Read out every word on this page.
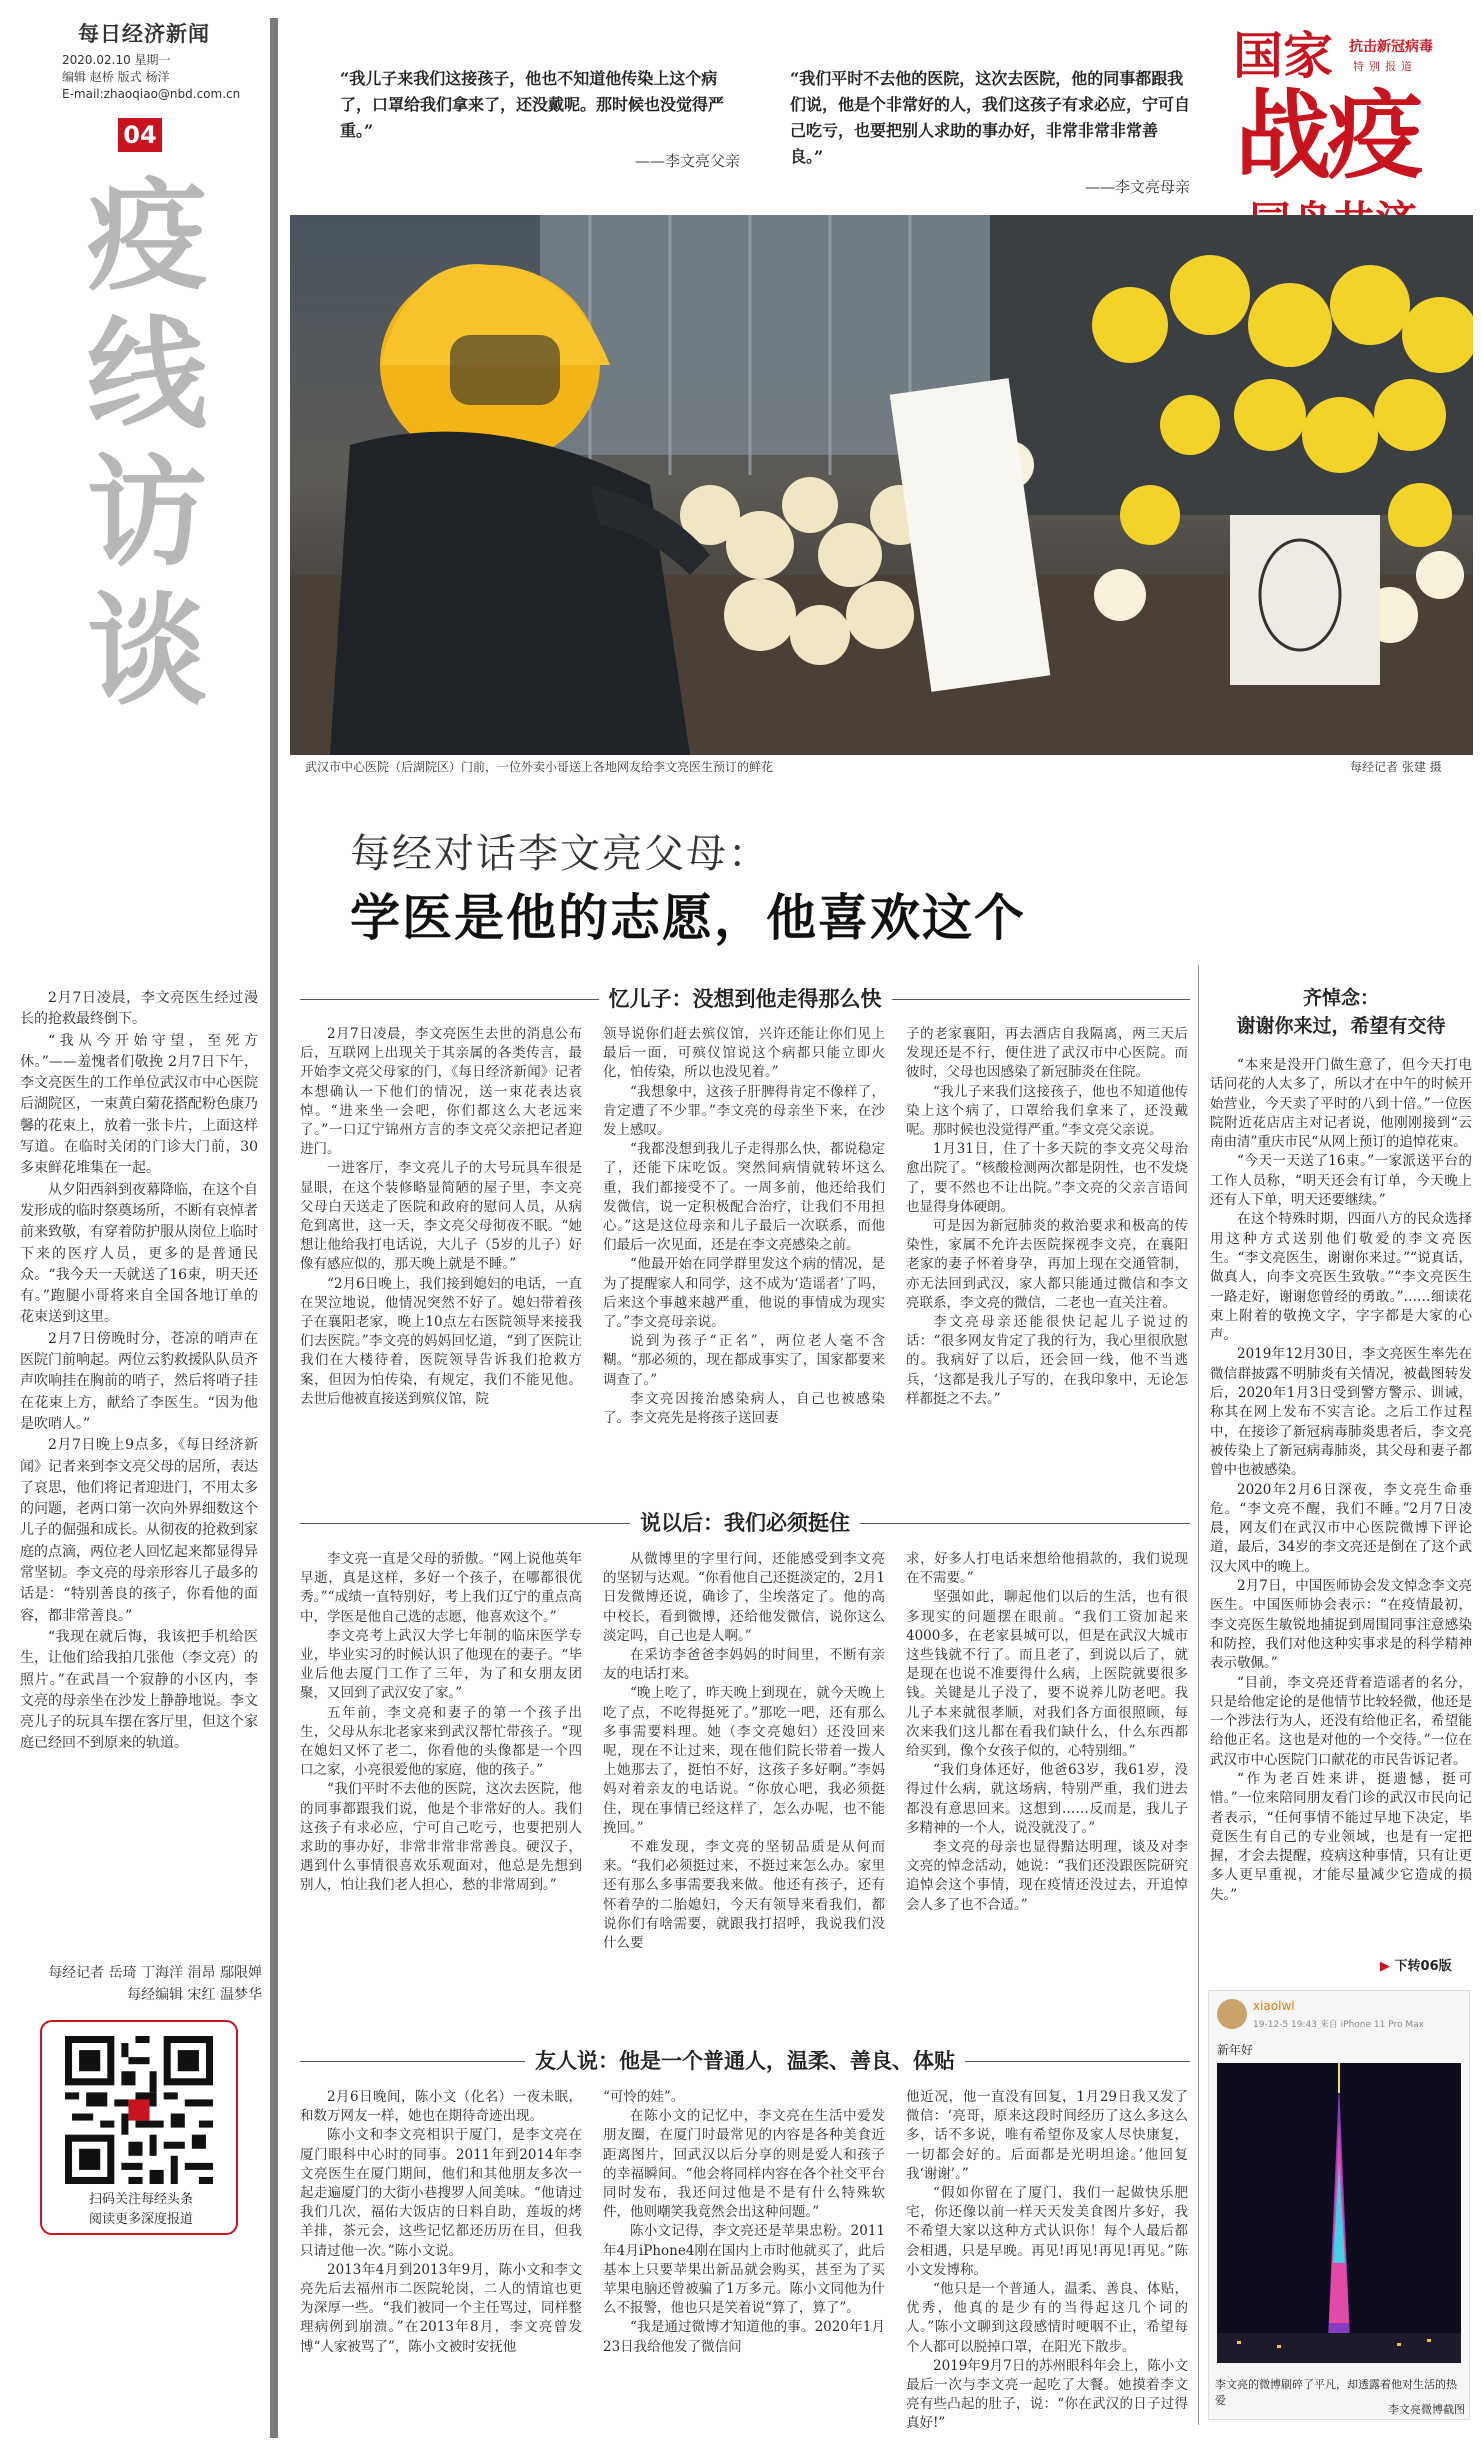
每日经济新闻
2020.02.10 星期一
编辑 赵桥 版式 杨洋
E-mail:zhaoqiao@nbd.com.cn
04
疫线访谈

2月7日凌晨，李文亮医生经过漫长的抢救最终倒下。

“我从今开始守望，至死方休。”——羞愧者们敬挽 2月7日下午，李文亮医生的工作单位武汉市中心医院后湖院区，一束黄白菊花搭配粉色康乃馨的花束上，放着一张卡片，上面这样写道。在临时关闭的门诊大门前，30多束鲜花堆集在一起。

从夕阳西斜到夜幕降临，在这个自发形成的临时祭奠场所，不断有哀悼者前来致敬，有穿着防护服从岗位上临时下来的医疗人员，更多的是普通民众。“我今天一天就送了16束，明天还有。”跑腿小哥将来自全国各地订单的花束送到这里。

2月7日傍晚时分，苍凉的哨声在医院门前响起。两位云豹救援队队员齐声吹响挂在胸前的哨子，然后将哨子挂在花束上方，献给了李医生。“因为他是吹哨人。”

2月7日晚上9点多，《每日经济新闻》记者来到李文亮父母的居所，表达了哀思，他们将记者迎进门，不用太多的问题，老两口第一次向外界细数这个儿子的倔强和成长。从彻夜的抢救到家庭的点滴，两位老人回忆起来都显得异常坚韧。李文亮的母亲形容儿子最多的话是：“特别善良的孩子，你看他的面容，都非常善良。”

“我现在就后悔，我该把手机给医生，让他们给我拍几张他（李文亮）的照片。”在武昌一个寂静的小区内，李文亮的母亲坐在沙发上静静地说。李文亮儿子的玩具车摆在客厅里，但这个家庭已经回不到原来的轨道。

每经记者 岳琦 丁海洋 涓昂 鄢限婵
每经编辑 宋红 温梦华
扫码关注每经头条
阅读更多深度报道
“我儿子来我们这接孩子，他也不知道他传染上这个病了，口罩给我们拿来了，还没戴呢。那时候也没觉得严重。”
——李文亮父亲
“我们平时不去他的医院，这次去医院，他的同事都跟我们说，他是个非常好的人，我们这孩子有求必应，宁可自己吃亏，也要把别人求助的事办好，非常非常非常善良。”
——李文亮母亲
国家 抗击新冠病毒
特别报道
战疫
武汉市中心医院（后湖院区）门前，一位外卖小哥送上各地网友给李文亮医生预订的鲜花	每经记者 张建 摄
每经对话李文亮父母：
学医是他的志愿，他喜欢这个
忆儿子：没想到他走得那么快

2月7日凌晨，李文亮医生去世的消息公布后，互联网上出现关于其亲属的各类传言，最开始李文亮父母家的门，《每日经济新闻》记者本想确认一下他们的情况，送一束花表达哀悼。“进来坐一会吧，你们都这么大老远来了。”一口辽宁锦州方言的李文亮父亲把记者迎进门。

一进客厅，李文亮儿子的大号玩具车很是显眼，在这个装修略显简陋的屋子里，李文亮父母白天送走了医院和政府的慰问人员，从病危到离世，这一天，李文亮父母彻夜不眠。“她想让他给我打电话说，大儿子（5岁的儿子）好像有感应似的，那天晚上就是不睡。”

“2月6日晚上，我们接到媳妇的电话，一直在哭泣地说，他情况突然不好了。媳妇带着孩子在襄阳老家，晚上10点左右医院领导来接我们去医院。”李文亮的妈妈回忆道，“到了医院让我们在大楼待着，医院领导告诉我们抢救方案，但因为怕传染，有规定，我们不能见他。去世后他被直接送到殡仪馆，院

领导说你们赶去殡仪馆，兴许还能让你们见上最后一面，可殡仪馆说这个病都只能立即火化，怕传染，所以也没见着。”

“我想象中，这孩子肝脾得肯定不像样了，肯定遭了不少罪。”李文亮的母亲坐下来，在沙发上感叹。

“我都没想到我儿子走得那么快，都说稳定了，还能下床吃饭。突然间病情就转坏这么重，我们都接受不了。一周多前，他还给我们发微信，说一定积极配合治疗，让我们不用担心。”这是这位母亲和儿子最后一次联系，而他们最后一次见面，还是在李文亮感染之前。

“他最开始在同学群里发这个病的情况，是为了提醒家人和同学，这不成为‘造谣者’了吗，后来这个事越来越严重，他说的事情成为现实了。”李文亮母亲说。

说到为孩子“正名”，两位老人毫不含糊。“那必须的，现在都成事实了，国家都要来调查了。”

李文亮因接治感染病人，自己也被感染了。李文亮先是将孩子送回妻

子的老家襄阳，再去酒店自我隔离，两三天后发现还是不行，便住进了武汉市中心医院。而彼时，父母也因感染了新冠肺炎在住院。

“我儿子来我们这接孩子，他也不知道他传染上这个病了，口罩给我们拿来了，还没戴呢。那时候也没觉得严重。”李文亮父亲说。

1月31日，住了十多天院的李文亮父母治愈出院了。“核酸检测两次都是阴性，也不发烧了，要不然也不让出院。”李文亮的父亲言语间也显得身体硬朗。

可是因为新冠肺炎的救治要求和极高的传染性，家属不允许去医院探视李文亮，在襄阳老家的妻子怀着身孕，再加上现在交通管制，亦无法回到武汉，家人都只能通过微信和李文亮联系，李文亮的微信，二老也一直关注着。

李文亮母亲还能很快记起儿子说过的话：“很多网友肯定了我的行为，我心里很欣慰的。我病好了以后，还会回一线，他不当逃兵，‘这都是我儿子写的，在我印象中，无论怎样都挺之不去。”

说以后：我们必须挺住

李文亮一直是父母的骄傲。“网上说他英年早逝，真是这样，多好一个孩子，在哪都很优秀。”“成绩一直特别好，考上我们辽宁的重点高中，学医是他自己选的志愿，他喜欢这个。”

李文亮考上武汉大学七年制的临床医学专业，毕业实习的时候认识了他现在的妻子。“毕业后他去厦门工作了三年，为了和女朋友团聚，又回到了武汉安了家。”

五年前，李文亮和妻子的第一个孩子出生，父母从东北老家来到武汉帮忙带孩子。“现在媳妇又怀了老二，你看他的头像都是一个四口之家，小亮很爱他的家庭，他的孩子。”

“我们平时不去他的医院，这次去医院，他的同事都跟我们说，他是个非常好的人。我们这孩子有求必应，宁可自己吃亏，也要把别人求助的事办好，非常非常非常善良。硬汉子，遇到什么事情很喜欢乐观面对，他总是先想到别人，怕让我们老人担心，愁的非常周到。”

从微博里的字里行间，还能感受到李文亮的坚韧与达观。“你看他自己还挺淡定的，2月1日发微博还说，确诊了，尘埃落定了。他的高中校长，看到微博，还给他发微信，说你这么淡定吗，自己也是人啊。”

在采访李爸爸李妈妈的时间里，不断有亲友的电话打来。

“晚上吃了，昨天晚上到现在，就今天晚上吃了点，不吃得挺死了。”那吃一吧，还有那么多事需要料理。她（李文亮媳妇）还没回来呢，现在不让过来，现在他们院长带着一拨人上她那去了，挺怕不好，这孩子多好啊。”李妈妈对着亲友的电话说。“你放心吧，我必须挺住，现在事情已经这样了，怎么办呢，也不能挽回。”

不难发现，李文亮的坚韧品质是从何而来。“我们必须挺过来，不挺过来怎么办。家里还有那么多事需要我来做。他还有孩子，还有怀着孕的二胎媳妇，今天有领导来看我们，都说你们有啥需要，就跟我打招呼，我说我们没什么要

求，好多人打电话来想给他捐款的，我们说现在不需要。”

坚强如此，聊起他们以后的生活，也有很多现实的问题摆在眼前。“我们工资加起来4000多，在老家县城可以，但是在武汉大城市这些钱就不行了。而且老了，到说以后了，就是现在也说不准要得什么病，上医院就要很多钱。关键是儿子没了，要不说养儿防老吧。我儿子本来就很孝顺，对我们各方面很照顾，每次来我们这儿都在看我们缺什么，什么东西都给买到，像个女孩子似的，心特别细。”

“我们身体还好，他爸63岁，我61岁，没得过什么病，就这场病，特别严重，我们进去都没有意思回来。这想到……反而是，我儿子多精神的一个人，说没就没了。”

李文亮的母亲也显得黯达明理，谈及对李文亮的悼念活动，她说：“我们还没跟医院研究追悼会这个事情，现在疫情还没过去，开追悼会人多了也不合适。”

友人说：他是一个普通人，温柔、善良、体贴

2月6日晚间，陈小文（化名）一夜未眠，和数万网友一样，她也在期待奇迹出现。

陈小文和李文亮相识于厦门，是李文亮在厦门眼科中心时的同事。2011年到2014年李文亮医生在厦门期间，他们和其他朋友多次一起走遍厦门的大街小巷搜罗人间美味。“他请过我们几次，福佑大饭店的日料自助，莲坂的烤羊排，茶元会，这些记忆都还历历在目，但我只请过他一次。”陈小文说。

2013年4月到2013年9月，陈小文和李文亮先后去福州市二医院轮岗，二人的情谊也更为深厚一些。“我们被同一个主任骂过，同样整理病例到崩溃。”在2013年8月，李文亮曾发博“人家被骂了”，陈小文被时安抚他

“可怜的娃”。

在陈小文的记忆中，李文亮在生活中爱发朋友圈，在厦门时最常见的内容是各种美食近距离图片，回武汉以后分享的则是爱人和孩子的幸福瞬间。“他会将同样内容在各个社交平台同时发布，我还问过他是不是有什么特殊软件，他则嘲笑我竟然会出这种问题。”

陈小文记得，李文亮还是苹果忠粉。2011年4月iPhone4刚在国内上市时他就买了，此后基本上只要苹果出新品就会购买，甚至为了买苹果电脑还曾被骗了1万多元。陈小文同他为什么不报警，他也只是笑着说“算了，算了”。

“我是通过微博才知道他的事。2020年1月23日我给他发了微信问

他近况，他一直没有回复，1月29日我又发了微信：‘亮哥，原来这段时间经历了这么多这么多，话不多说，唯有希望你及家人尽快康复，一切都会好的。后面都是光明坦途。’他回复我‘谢谢’。”

“假如你留在了厦门，我们一起做快乐肥宅，你还像以前一样天天发美食图片多好，我不希望大家以这种方式认识你！每个人最后都会相遇，只是早晚。再见!再见!再见!再见。”陈小文发博称。

“他只是一个普通人，温柔、善良、体贴，优秀，他真的是少有的当得起这几个词的人。”陈小文聊到这段感情时哽咽不止，希望每个人都可以脱掉口罩，在阳光下散步。

2019年9月7日的苏州眼科年会上，陈小文最后一次与李文亮一起吃了大餐。她摸着李文亮有些凸起的肚子，说：“你在武汉的日子过得真好!”

齐悼念：
谢谢你来过，希望有交待

“本来是没开门做生意了，但今天打电话问花的人太多了，所以才在中午的时候开始营业，今天卖了平时的八到十倍。”一位医院附近花店店主对记者说，他刚刚接到“云南由清”重庆市民“从网上预订的追悼花束。

“今天一天送了16束。”一家派送平台的工作人员称，“明天还会有订单，今天晚上还有人下单，明天还要继续。”

在这个特殊时期，四面八方的民众选择用这种方式送别他们敬爱的李文亮医生。“李文亮医生，谢谢你来过。”“说真话，做真人，向李文亮医生致敬。”“李文亮医生一路走好，谢谢您曾经的勇敢。”……细读花束上附着的敬挽文字，字字都是大家的心声。

2019年12月30日，李文亮医生率先在微信群披露不明肺炎有关情况，被截图转发后，2020年1月3日受到警方警示、训诫，称其在网上发布不实言论。之后工作过程中，在接诊了新冠病毒肺炎患者后，李文亮被传染上了新冠病毒肺炎，其父母和妻子都曾中也被感染。

2020年2月6日深夜，李文亮生命垂危。“李文亮不醒，我们不睡。”2月7日凌晨，网友们在武汉市中心医院微博下评论道，最后，34岁的李文亮还是倒在了这个武汉大风中的晚上。

2月7日，中国医师协会发文悼念李文亮医生。中国医师协会表示：“在疫情最初，李文亮医生敏锐地捕捉到周围同事注意感染和防控，我们对他这种实事求是的科学精神表示敬佩。”

“目前，李文亮还背着造谣者的名分，只是给他定论的是他情节比较轻微，他还是一个涉法行为人，还没有给他正名，希望能给他正名。这也是对他的一个交待。”一位在武汉市中心医院门口献花的市民告诉记者。

“作为老百姓来讲，挺遗憾，挺可惜。”一位来陪同朋友看门诊的武汉市民向记者表示，“任何事情不能过早地下决定，毕竟医生有自己的专业领域，也是有一定把握，才会去提醒，疫病这种事情，只有让更多人更早重视，才能尽量减少它造成的损失。”

▶ 下转06版
xiaolwl
19-12-5 19:43 来自 iPhone 11 Pro Max
新年好
李文亮的微博刷碎了平凡，却透露着他对生活的热爱
李文亮微博截图
